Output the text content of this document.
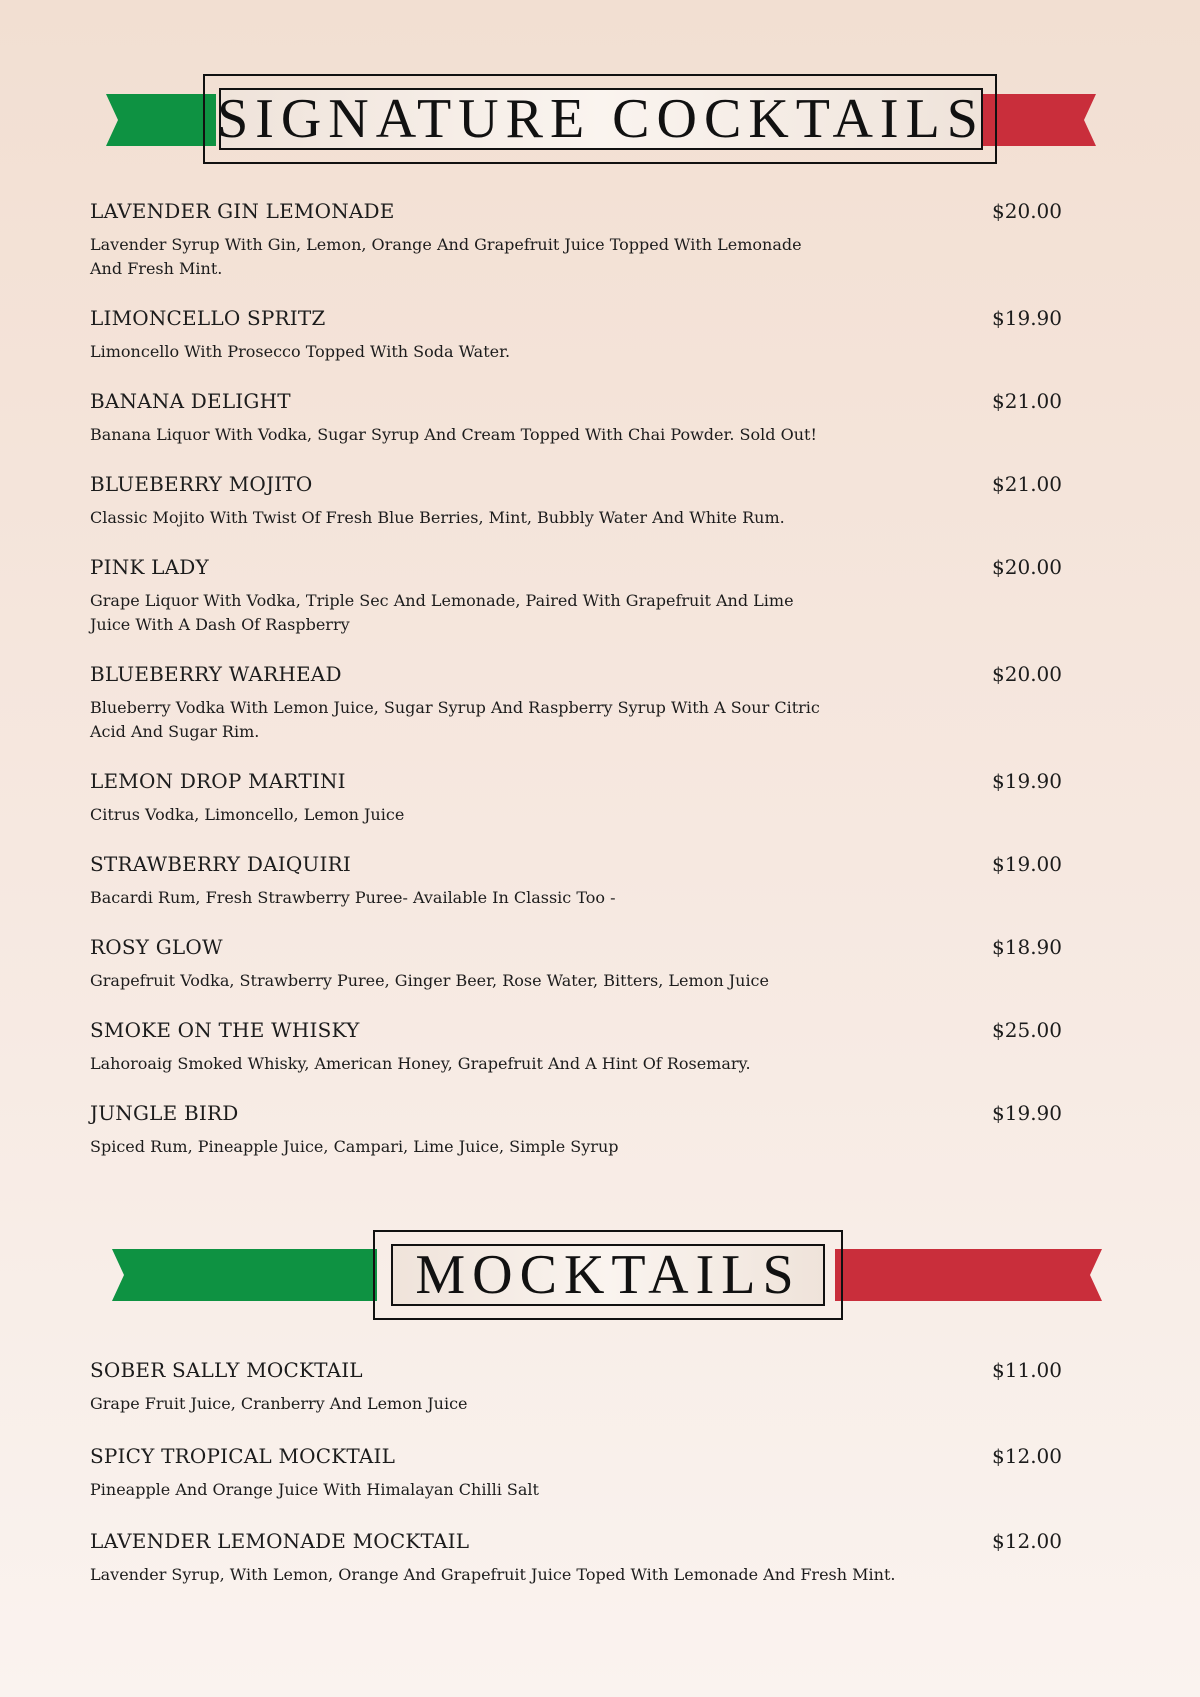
SIGNATURE COCKTAILS
LAVENDER GIN LEMONADE	$20.00
Lavender Syrup With Gin, Lemon, Orange And Grapefruit Juice Topped With Lemonade And Fresh Mint.
LIMONCELLO SPRITZ	$19.90
Limoncello With Prosecco Topped With Soda Water.
BANANA DELIGHT	$21.00
Banana Liquor With Vodka, Sugar Syrup And Cream Topped With Chai Powder. Sold Out!
BLUEBERRY MOJITO	$21.00
Classic Mojito With Twist Of Fresh Blue Berries, Mint, Bubbly Water And White Rum.
PINK LADY	$20.00
Grape Liquor With Vodka, Triple Sec And Lemonade, Paired With Grapefruit And Lime Juice With A Dash Of Raspberry
BLUEBERRY WARHEAD	$20.00
Blueberry Vodka With Lemon Juice, Sugar Syrup And Raspberry Syrup With A Sour Citric Acid And Sugar Rim.
LEMON DROP MARTINI	$19.90
Citrus Vodka, Limoncello, Lemon Juice
STRAWBERRY DAIQUIRI	$19.00
Bacardi Rum, Fresh Strawberry Puree- Available In Classic Too -
ROSY GLOW	$18.90
Grapefruit Vodka, Strawberry Puree, Ginger Beer, Rose Water, Bitters, Lemon Juice
SMOKE ON THE WHISKY	$25.00
Lahoroaig Smoked Whisky, American Honey, Grapefruit And A Hint Of Rosemary.
JUNGLE BIRD	$19.90
Spiced Rum, Pineapple Juice, Campari, Lime Juice, Simple Syrup
MOCKTAILS
SOBER SALLY MOCKTAIL	$11.00
Grape Fruit Juice, Cranberry And Lemon Juice
SPICY TROPICAL MOCKTAIL	$12.00
Pineapple And Orange Juice With Himalayan Chilli Salt
LAVENDER LEMONADE MOCKTAIL	$12.00
Lavender Syrup, With Lemon, Orange And Grapefruit Juice Toped With Lemonade And Fresh Mint.
